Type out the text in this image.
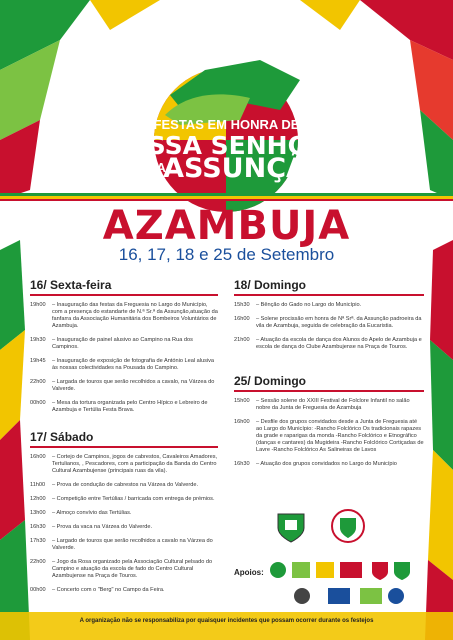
FESTAS EM HONRA DE
NOSSA SENHORA
DA
ASSUNÇÃO
AZAMBUJA
16, 17, 18 e 25 de Setembro
16/ Sexta-feira
19h00	– Inauguração das festas da Freguesia no Largo do Município, com a presença do estandarte de N.ª Sr.ª da Assunção,atuação da fanfarra da Associação Humanitária dos Bombeiros Voluntários de Azambuja.
19h30	– Inauguração de painel alusivo ao Campino na Rua dos Campinos.
19h45	– Inauguração de exposição de fotografia de António Leal alusiva às nossas colectividades na Pousada do Campino.
22h00	– Largada de touros que serão recolhidos a cavalo, na Várzea do Valverde.
00h00	– Mesa da tortura organizada pelo Centro Hípico e Lebreiro de Azambuja e Tertúlia Festa Brava.
17/ Sábado
16h00	– Cortejo de Campinos, jogos de cabrestos, Cavaleiros Amadores, Tertulianos, , Pescadores, com a participação da Banda do Centro Cultural Azambujense (principais ruas da vila).
11h00	– Prova de condução de cabrestos na Várzea do Valverde.
12h00	– Competição entre Tertúlias / barricada com entrega de prémios.
13h00	– Almoço convívio das Tertúlias.
16h30	– Prova da vaca na Várzea do Valverde.
17h30	– Largado de touros que serão recolhidos a cavalo na Várzea do Valverde.
22h00	– Jogo da Rosa organizado pela Associação Cultural pelsado do Campino e atuação da escola de fado do Centro Cultural Azambujense na Praça de Touros.
00h00	– Concerto com o "Berg" no Campo da Feira.
18/ Domingo
15h30	– Bênção do Gado no Largo do Município.
16h00	– Solene procissão em honra de Nª Srª. da Assunção padroeira da vila de Azambuja, seguida de celebração da Eucaristia.
21h00	– Atuação da escola de dança dos Alunos do Apelo de Azambuja e escola de dança do Clube Azambujense na Praça de Touros.
25/ Domingo
15h00	– Sessão solene do XXIII Festival de Folclore Infantil no salão nobre da Junta de Freguesia de Azambuja
16h00	– Desfile dos grupos convidados desde a Junta de Freguesia até ao Largo do Município: -Rancho Folclórico Os tradicionais rapazes da grade e raparigas da monda -Rancho Folclórico e Etnográfico (danças e cantares) da Mugideira -Rancho Folclórico Cortiçadas de Lavre -Rancho Folclórico As Salineiras de Lavos
16h30	– Atuação dos grupos convidados no Largo do Município
Apoios:
A organização não se responsabiliza por quaisquer incidentes que possam ocorrer durante os festejos
